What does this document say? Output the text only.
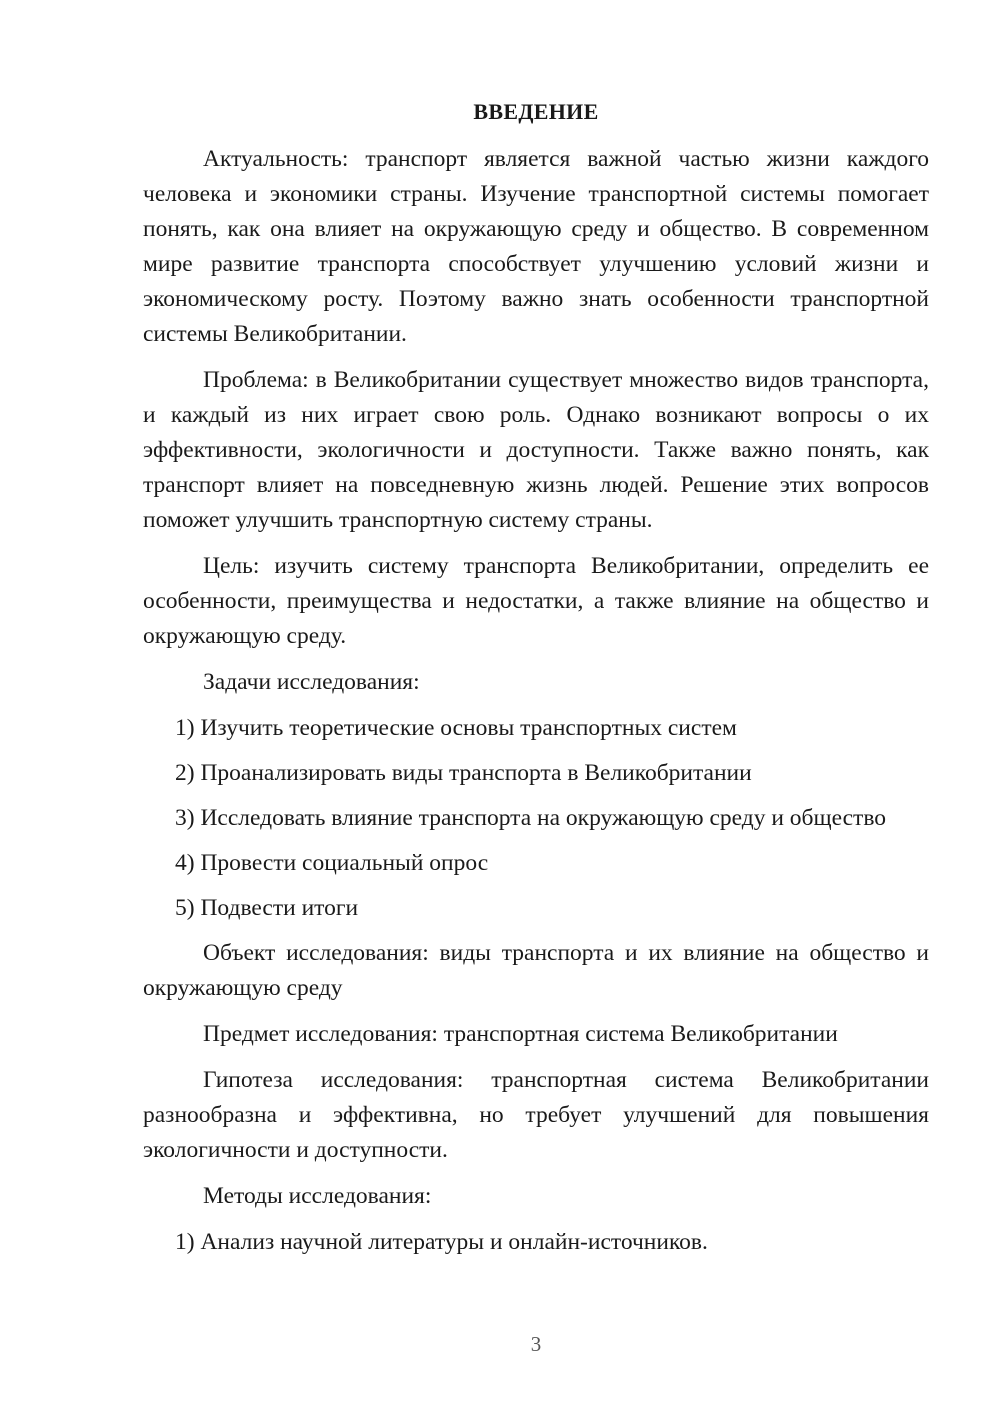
ВВЕДЕНИЕ

Актуальность: транспорт является важной частью жизни каждого человека и экономики страны. Изучение транспортной системы помогает понять, как она влияет на окружающую среду и общество. В современном мире развитие транспорта способствует улучшению условий жизни и экономическому росту. Поэтому важно знать особенности транспортной системы Великобритании.

Проблема: в Великобритании существует множество видов транспорта, и каждый из них играет свою роль. Однако возникают вопросы о их эффективности, экологичности и доступности. Также важно понять, как транспорт влияет на повседневную жизнь людей. Решение этих вопросов поможет улучшить транспортную систему страны.

Цель: изучить систему транспорта Великобритании, определить ее особенности, преимущества и недостатки, а также влияние на общество и окружающую среду.

Задачи исследования:

1) Изучить теоретические основы транспортных систем
2) Проанализировать виды транспорта в Великобритании
3) Исследовать влияние транспорта на окружающую среду и общество
4) Провести социальный опрос
5) Подвести итоги

Объект исследования: виды транспорта и их влияние на общество и окружающую среду

Предмет исследования: транспортная система Великобритании

Гипотеза исследования: транспортная система Великобритании разнообразна и эффективна, но требует улучшений для повышения экологичности и доступности.

Методы исследования:

1) Анализ научной литературы и онлайн-источников.
3
